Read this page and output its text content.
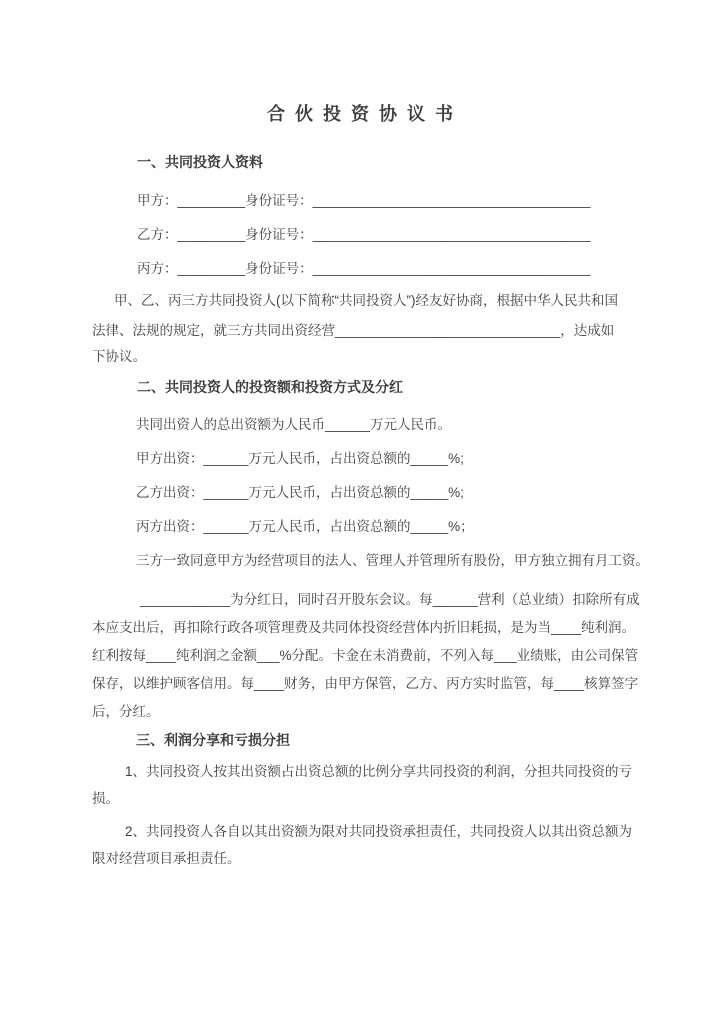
合伙投资协议书
一、共同投资人资料
甲方：_________身份证号：_____________________________________
乙方：_________身份证号：_____________________________________
丙方：_________身份证号：_____________________________________
甲、乙、丙三方共同投资人(以下简称“共同投资人”)经友好协商，根据中华人民共和国
法律、法规的规定，就三方共同出资经营______________________________，达成如
下协议。
二、共同投资人的投资额和投资方式及分红
共同出资人的总出资额为人民币______万元人民币。
甲方出资：______万元人民币，占出资总额的_____%;
乙方出资：______万元人民币，占出资总额的_____%;
丙方出资：______万元人民币，占出资总额的_____%；
三方一致同意甲方为经营项目的法人、管理人并管理所有股份，甲方独立拥有月工资。
____________为分红日，同时召开股东会议。每______营利（总业绩）扣除所有成
本应支出后，再扣除行政各项管理费及共同体投资经营体内折旧耗损，是为当____纯利润。
红利按每____纯利润之金额___%分配。卡金在未消费前，不列入每___业绩账，由公司保管
保存，以维护顾客信用。每____财务，由甲方保管，乙方、丙方实时监管，每____核算签字
后，分红。
三、利润分享和亏损分担
1、共同投资人按其出资额占出资总额的比例分享共同投资的利润，分担共同投资的亏
损。
2、共同投资人各自以其出资额为限对共同投资承担责任，共同投资人以其出资总额为
限对经营项目承担责任。
